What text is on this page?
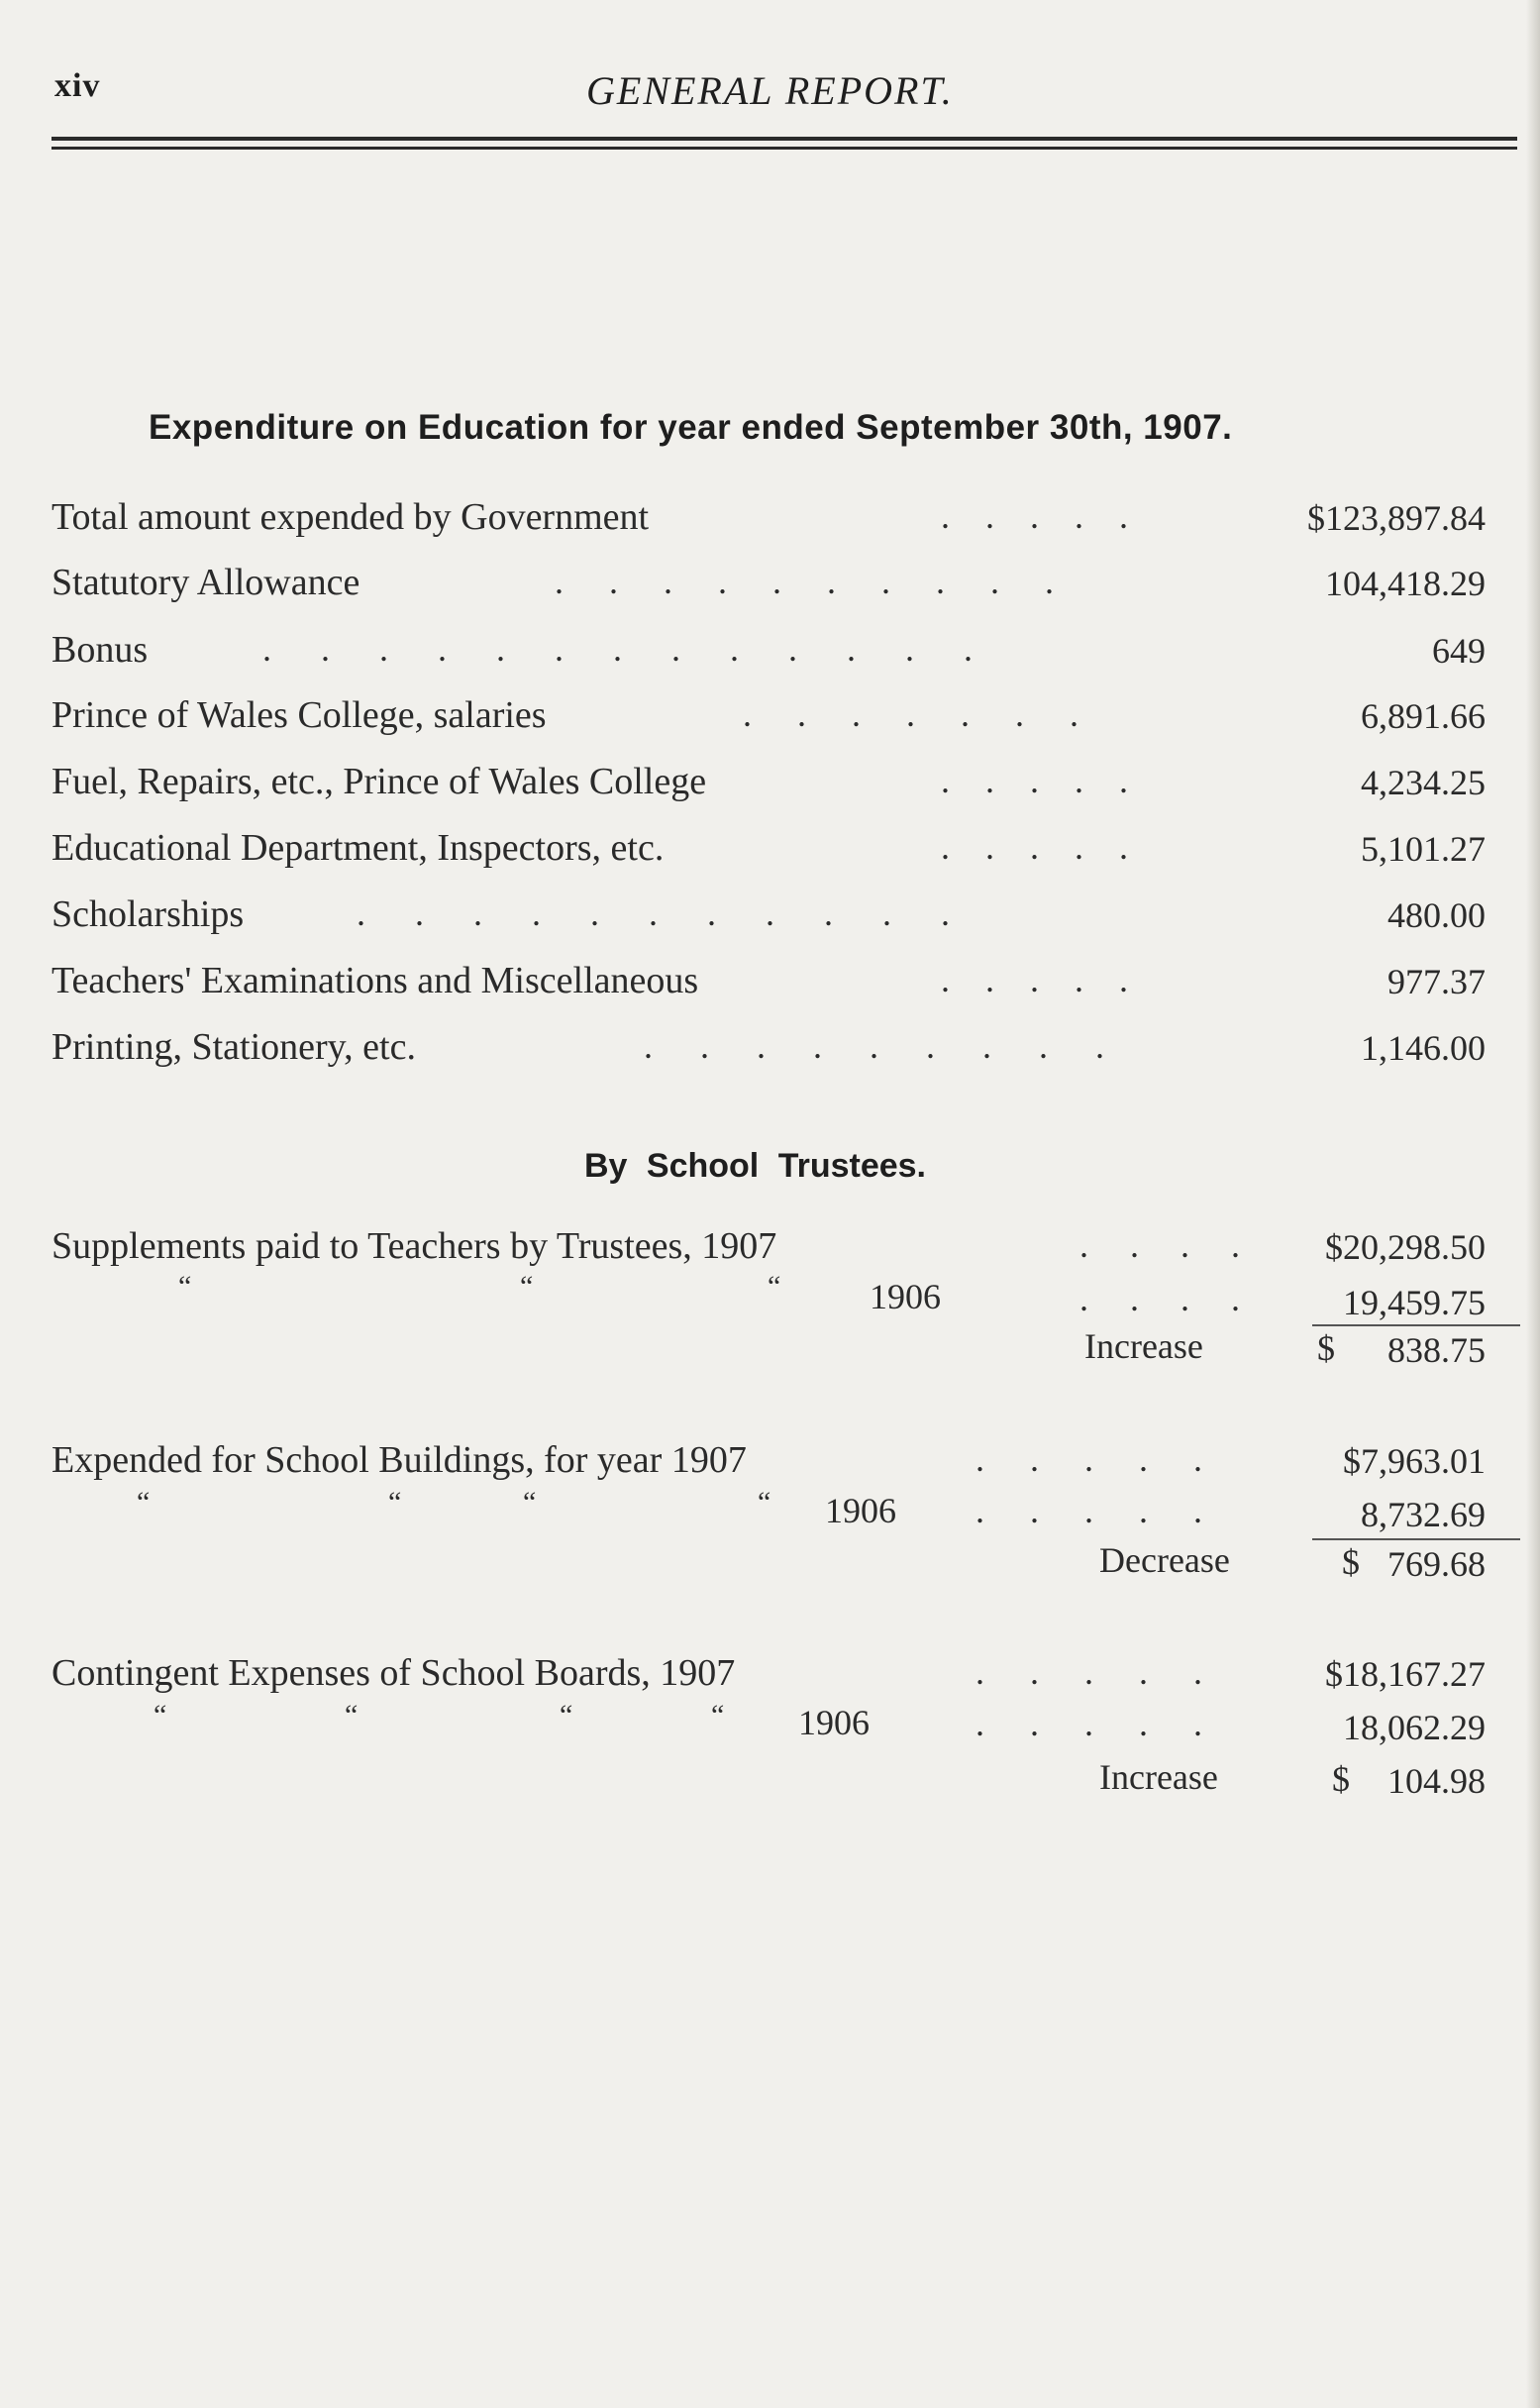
xiv	GENERAL REPORT.
Expenditure on Education for year ended September 30th, 1907.
Total amount expended by Government	.....	$123,897.84
Statutory Allowance	..........	104,418.29
Bonus	.............	649
Prince of Wales College, salaries	.......	6,891.66
Fuel, Repairs, etc., Prince of Wales College	.....	4,234.25
Educational Department, Inspectors, etc.	.....	5,101.27
Scholarships	...........	480.00
Teachers' Examinations and Miscellaneous	.....	977.37
Printing, Stationery, etc.	.........	1,146.00
By School Trustees.
Supplements paid to Teachers by Trustees, 1907	.... $20,298.50
“	“	“ 1906	.... 19,459.75
Increase	$ 838.75
Expended for School Buildings, for year 1907	.....	$7,963.01
“	“	“	“ 1906 .....	8,732.69
Decrease	$ 769.68
Contingent Expenses of School Boards, 1907	..... $18,167.27
“	“	“	“ 1906	.....	18,062.29
Increase	$ 104.98
